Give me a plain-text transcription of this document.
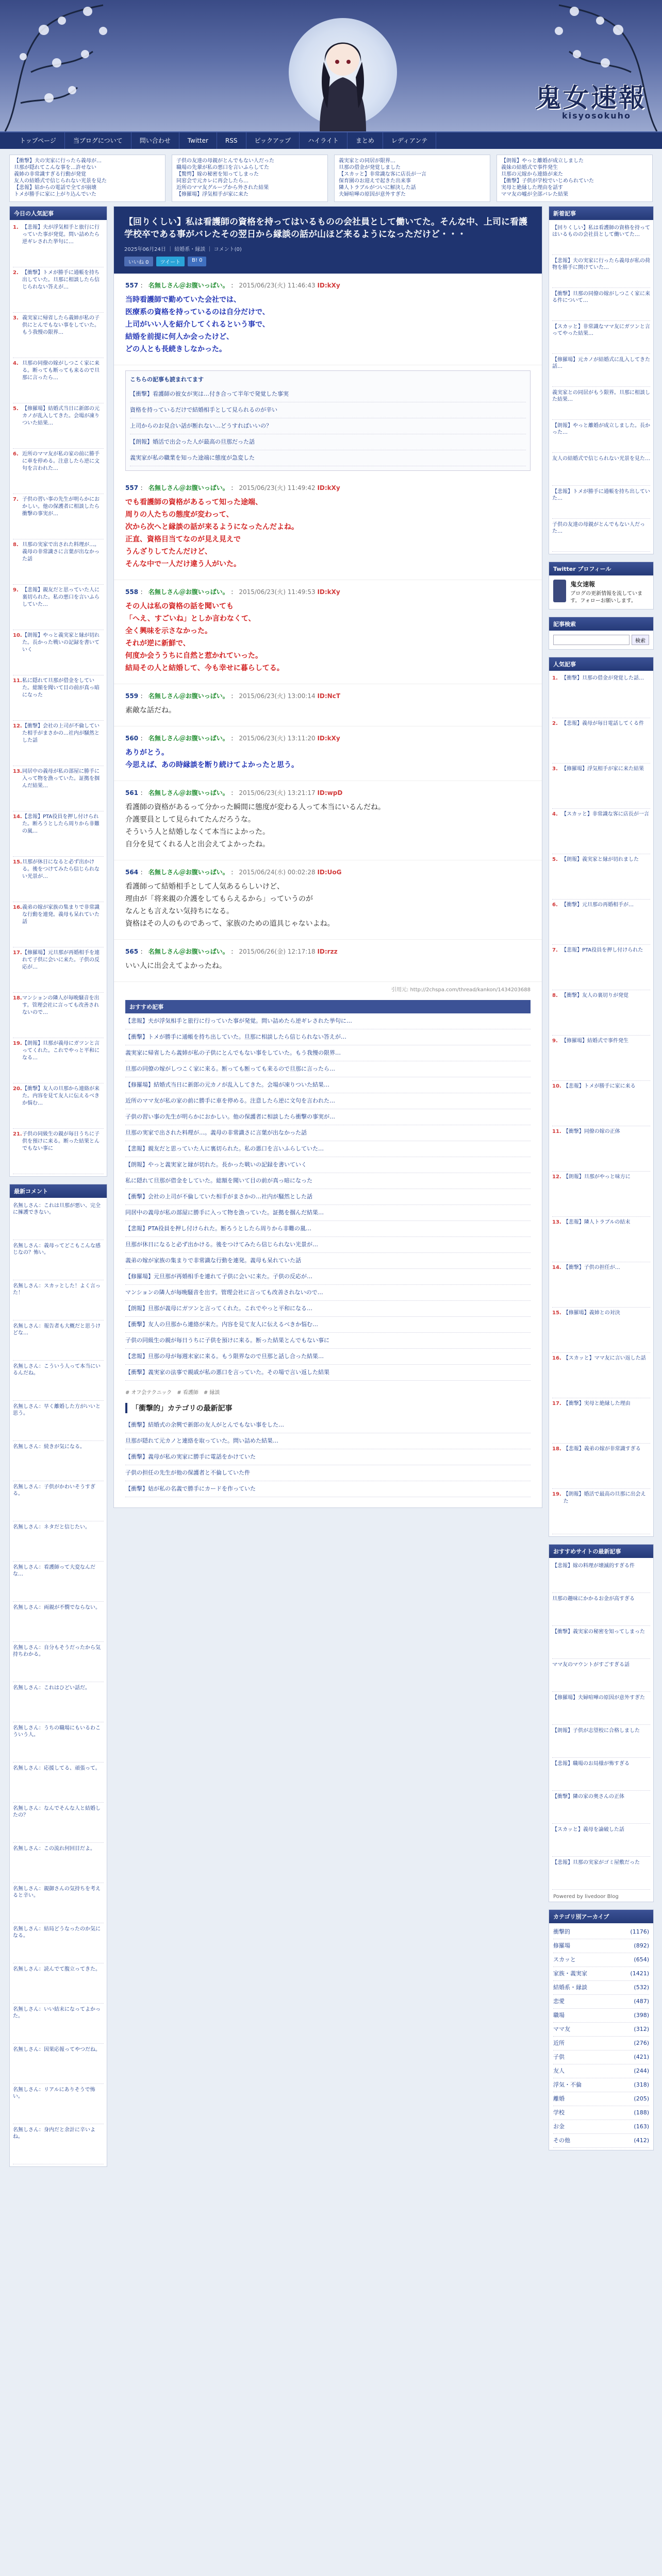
鬼女速報
kisyosokuho
トップページ	当ブログについて	問い合わせ	Twitter	RSS	ピックアップ	ハイライト	まとめ	レディアンテ
【衝撃】夫の実家に行ったら義母が…
旦那が隠れてこんな事を…許せない
義姉の非常識すぎる行動が発覚
友人の結婚式で信じられない光景を見た
【悲報】姑からの電話で全てが崩壊
トメが勝手に家に上がり込んでいた
子供の友達の母親がとんでもない人だった
職場の先輩が私の悪口を言いふらしてた
【驚愕】嫁の秘密を知ってしまった
同窓会で元カレに再会したら…
近所のママ友グループから外された結果
【修羅場】浮気相手が家に来た
義実家との同居が限界…
旦那の借金が発覚しました
【スカッと】非常識な客に店長が一言
保育園のお迎えで起きた出来事
隣人トラブルがついに解決した話
夫婦喧嘩の原因が意外すぎた
【朗報】やっと離婚が成立しました
義妹の結婚式で事件発生
旦那の元嫁から連絡が来た
【衝撃】子供が学校でいじめられていた
実母と絶縁した理由を話す
ママ友の嘘が全部バレた結果
今日の人気記事
1. 【悲報】夫が浮気相手と旅行に行っていた事が発覚。問い詰めたら逆ギレされた挙句に…
2. 【衝撃】トメが勝手に通帳を持ち出していた。旦那に相談したら信じられない答えが…
3. 義実家に帰省したら義姉が私の子供にとんでもない事をしていた。もう我慢の限界…
4. 旦那の同僚の嫁がしつこく家に来る。断っても断っても来るので旦那に言ったら…
5. 【修羅場】結婚式当日に新郎の元カノが乱入してきた。会場が凍りついた結果…
6. 近所のママ友が私の家の前に勝手に車を停める。注意したら逆に文句を言われた…
7. 子供の習い事の先生が明らかにおかしい。他の保護者に相談したら衝撃の事実が…
8. 旦那の実家で出された料理が…。義母の非常識さに言葉が出なかった話
9. 【悲報】親友だと思っていた人に裏切られた。私の悪口を言いふらしていた…
10. 【朗報】やっと義実家と縁が切れた。長かった戦いの記録を書いていく
11. 私に隠れて旦那が借金をしていた。総額を聞いて目の前が真っ暗になった
12. 【衝撃】会社の上司が不倫していた相手がまさかの…社内が騒然とした話
13. 同居中の義母が私の部屋に勝手に入って物を漁っていた。証拠を掴んだ結果…
14. 【悲報】PTA役員を押し付けられた。断ろうとしたら周りから非難の嵐…
15. 旦那が休日になると必ず出かける。後をつけてみたら信じられない光景が…
16. 義弟の嫁が家族の集まりで非常識な行動を連発。義母も呆れていた話
17. 【修羅場】元旦那が再婚相手を連れて子供に会いに来た。子供の反応が…
18. マンションの隣人が毎晩騒音を出す。管理会社に言っても改善されないので…
19. 【朗報】旦那が義母にガツンと言ってくれた。これでやっと平和になる…
20. 【衝撃】友人の旦那から連絡が来た。内容を見て友人に伝えるべきか悩む…
21. 子供の同級生の親が毎日うちに子供を預けに来る。断った結果とんでもない事に
最新コメント
名無しさん：これは旦那が悪い、完全に擁護できない。
名無しさん：義母ってどこもこんな感じなの？怖い。
名無しさん：スカッとした！よく言った！
名無しさん：報告者も大概だと思うけどな…
名無しさん：こういう人って本当にいるんだね。
名無しさん：早く離婚した方がいいと思う。
名無しさん：続きが気になる。
名無しさん：子供がかわいそうすぎる。
名無しさん：ネタだと信じたい。
名無しさん：看護師って大変なんだな…
名無しさん：両親が不憫でならない。
名無しさん：自分もそうだったから気持ちわかる。
名無しさん：これはひどい話だ。
名無しさん：うちの職場にもいるわこういう人。
名無しさん：応援してる、頑張って。
名無しさん：なんでそんな人と結婚したの？
名無しさん：この流れ何回目だよ。
名無しさん：親御さんの気持ちを考えると辛い。
名無しさん：結局どうなったのか気になる。
名無しさん：読んでて腹立ってきた。
名無しさん：いい結末になってよかった。
名無しさん：因果応報ってやつだね。
名無しさん：リアルにありそうで怖い。
名無しさん：身内だと余計に辛いよね。
【回りくしい】私は看護師の資格を持ってはいるものの会社員として働いてた。そんな中、上司に看護学校卒である事がバレたその翌日から縁談の話が山ほど来るようになっただけど・・・
2025年06月24日 ｜ 結婚系・縁談 ｜ コメント(0)
いいね 0	ツイート	B! 0
557 ： 名無しさん＠お腹いっぱい。 ： 2015/06/23(火) 11:46:43 ID:kXy
当時看護師で勤めていた会社では、
医療系の資格を持っているのは自分だけで、
上司がいい人を紹介してくれるという事で、
結婚を前提に何人か会ったけど、
どの人とも長続きしなかった。
こちらの記事も読まれてます
【衝撃】看護師の彼女が実は…付き合って半年で発覚した事実
資格を持っているだけで結婚相手として見られるのが辛い
上司からのお見合い話が断れない…どうすればいいの？
【朗報】婚活で出会った人が最高の旦那だった話
義実家が私の職業を知った途端に態度が急変した
557 ： 名無しさん＠お腹いっぱい。 ： 2015/06/23(火) 11:49:42 ID:kXy
でも看護師の資格があるって知った途端、
周りの人たちの態度が変わって、
次から次へと縁談の話が来るようになったんだよね。
正直、資格目当てなのが見え見えで
うんざりしてたんだけど、
そんな中で一人だけ違う人がいた。
558 ： 名無しさん＠お腹いっぱい。 ： 2015/06/23(火) 11:49:53 ID:kXy
その人は私の資格の話を聞いても
「へえ、すごいね」としか言わなくて、
全く興味を示さなかった。
それが逆に新鮮で、
何度か会ううちに自然と惹かれていった。
結局その人と結婚して、今も幸せに暮らしてる。
559 ： 名無しさん＠お腹いっぱい。 ： 2015/06/23(火) 13:00:14 ID:NcT
素敵な話だね。
560 ： 名無しさん＠お腹いっぱい。 ： 2015/06/23(火) 13:11:20 ID:kXy
ありがとう。
今思えば、あの時縁談を断り続けてよかったと思う。
561 ： 名無しさん＠お腹いっぱい。 ： 2015/06/23(火) 13:21:17 ID:wpD
看護師の資格があるって分かった瞬間に態度が変わる人って本当にいるんだね。
介護要員として見られてたんだろうな。
そういう人と結婚しなくて本当によかった。
自分を見てくれる人と出会えてよかったね。
564 ： 名無しさん＠お腹いっぱい。 ： 2015/06/24(水) 00:02:28 ID:UoG
看護師って結婚相手として人気あるらしいけど、
理由が「将来親の介護をしてもらえるから」っていうのが
なんとも言えない気持ちになる。
資格はその人のものであって、家族のための道具じゃないよね。
565 ： 名無しさん＠お腹いっぱい。 ： 2015/06/26(金) 12:17:18 ID:rzz
いい人に出会えてよかったね。
引用元: http://2chspa.com/thread/kankon/1434203688
おすすめ記事
【悲報】夫が浮気相手と旅行に行っていた事が発覚。問い詰めたら逆ギレされた挙句に…
【衝撃】トメが勝手に通帳を持ち出していた。旦那に相談したら信じられない答えが…
義実家に帰省したら義姉が私の子供にとんでもない事をしていた。もう我慢の限界…
旦那の同僚の嫁がしつこく家に来る。断っても断っても来るので旦那に言ったら…
【修羅場】結婚式当日に新郎の元カノが乱入してきた。会場が凍りついた結果…
近所のママ友が私の家の前に勝手に車を停める。注意したら逆に文句を言われた…
子供の習い事の先生が明らかにおかしい。他の保護者に相談したら衝撃の事実が…
旦那の実家で出された料理が…。義母の非常識さに言葉が出なかった話
【悲報】親友だと思っていた人に裏切られた。私の悪口を言いふらしていた…
【朗報】やっと義実家と縁が切れた。長かった戦いの記録を書いていく
私に隠れて旦那が借金をしていた。総額を聞いて目の前が真っ暗になった
【衝撃】会社の上司が不倫していた相手がまさかの…社内が騒然とした話
同居中の義母が私の部屋に勝手に入って物を漁っていた。証拠を掴んだ結果…
【悲報】PTA役員を押し付けられた。断ろうとしたら周りから非難の嵐…
旦那が休日になると必ず出かける。後をつけてみたら信じられない光景が…
義弟の嫁が家族の集まりで非常識な行動を連発。義母も呆れていた話
【修羅場】元旦那が再婚相手を連れて子供に会いに来た。子供の反応が…
マンションの隣人が毎晩騒音を出す。管理会社に言っても改善されないので…
【朗報】旦那が義母にガツンと言ってくれた。これでやっと平和になる…
【衝撃】友人の旦那から連絡が来た。内容を見て友人に伝えるべきか悩む…
子供の同級生の親が毎日うちに子供を預けに来る。断った結果とんでもない事に
【悲報】旦那の母が毎週末家に来る。もう限界なので旦那と話し合った結果…
【衝撃】義実家の法事で親戚が私の悪口を言っていた。その場で言い返した結果
# オフ会テクニック　# 看護師　# 縁談
「衝撃的」カテゴリの最新記事
【衝撃】結婚式の余興で新郎の友人がとんでもない事をした…
旦那が隠れて元カノと連絡を取っていた。問い詰めた結果…
【衝撃】義母が私の実家に勝手に電話をかけていた
子供の担任の先生が他の保護者と不倫していた件
【衝撃】姑が私の名義で勝手にカードを作っていた
新着記事
【回りくしい】私は看護師の資格を持ってはいるものの会社員として働いてた…
【悲報】夫の実家に行ったら義母が私の荷物を勝手に開けていた…
【衝撃】旦那の同僚の嫁がしつこく家に来る件について…
【スカッと】非常識なママ友にガツンと言ってやった結果…
【修羅場】元カノが結婚式に乱入してきた話…
義実家との同居がもう限界。旦那に相談した結果…
【朗報】やっと離婚が成立しました。長かった…
友人の結婚式で信じられない光景を見た…
【悲報】トメが勝手に通帳を持ち出していた…
子供の友達の母親がとんでもない人だった…
Twitter プロフィール
鬼女速報
ブログの更新情報を流しています。フォローお願いします。
記事検索
検索
人気記事
1. 【衝撃】旦那の借金が発覚した話…
2. 【悲報】義母が毎日電話してくる件
3. 【修羅場】浮気相手が家に来た結果
4. 【スカッと】非常識な客に店長が一言
5. 【朗報】義実家と縁が切れました
6. 【衝撃】元旦那の再婚相手が…
7. 【悲報】PTA役員を押し付けられた
8. 【衝撃】友人の裏切りが発覚
9. 【修羅場】結婚式で事件発生
10. 【悲報】トメが勝手に家に来る
11. 【衝撃】同僚の嫁の正体
12. 【朗報】旦那がやっと味方に
13. 【悲報】隣人トラブルの結末
14. 【衝撃】子供の担任が…
15. 【修羅場】義姉との対決
16. 【スカッと】ママ友に言い返した話
17. 【衝撃】実母と絶縁した理由
18. 【悲報】義弟の嫁が非常識すぎる
19. 【朗報】婚活で最高の旦那に出会えた
おすすめサイトの最新記事
【悲報】嫁の料理が壊滅的すぎる件
旦那の趣味にかかるお金が高すぎる
【衝撃】義実家の秘密を知ってしまった
ママ友のマウントがすごすぎる話
【修羅場】夫婦喧嘩の原因が意外すぎた
【朗報】子供が志望校に合格しました
【悲報】職場のお局様が怖すぎる
【衝撃】隣の家の奥さんの正体
【スカッと】義母を論破した話
【悲報】旦那の実家がゴミ屋敷だった
Powered by livedoor Blog
カテゴリ別アーカイブ
衝撃的	(1176)
修羅場	(892)
スカッと	(654)
家族・義実家	(1421)
結婚系・縁談	(532)
恋愛	(487)
職場	(398)
ママ友	(312)
近所	(276)
子供	(421)
友人	(244)
浮気・不倫	(318)
離婚	(205)
学校	(188)
お金	(163)
その他	(412)
